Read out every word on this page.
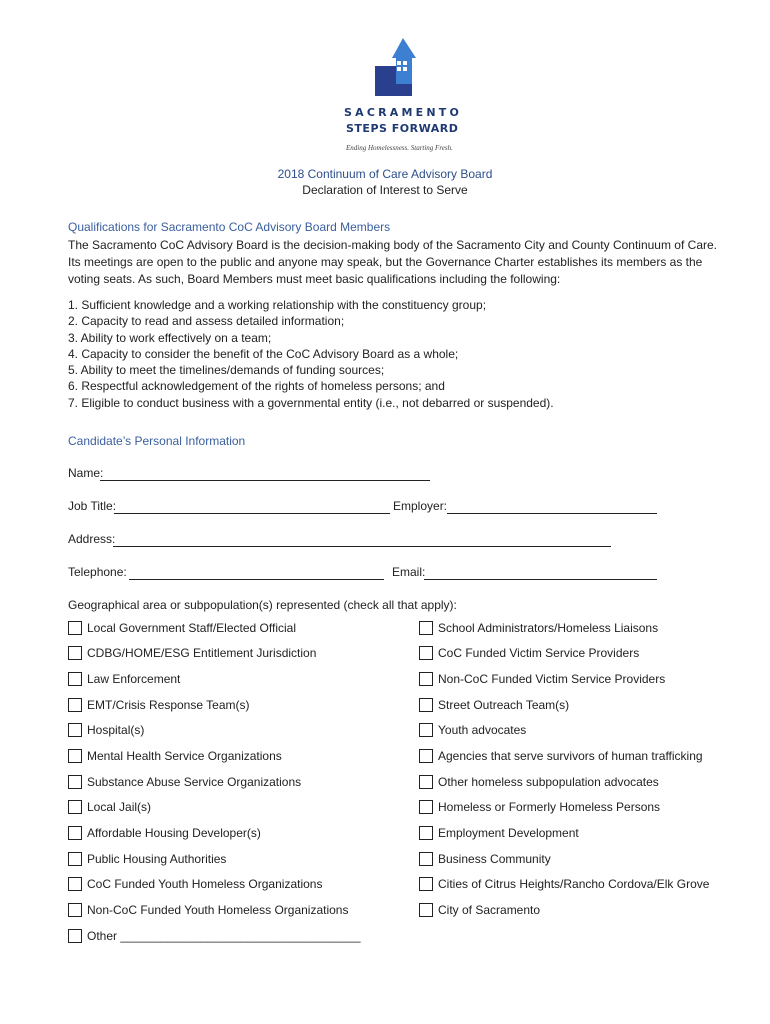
SACRAMENTO
STEPS FORWARD
Ending Homelessness. Starting Fresh.
2018 Continuum of Care Advisory Board
Declaration of Interest to Serve
Qualifications for Sacramento CoC Advisory Board Members

The Sacramento CoC Advisory Board is the decision-making body of the Sacramento City and County Continuum of Care. Its meetings are open to the public and anyone may speak, but the Governance Charter establishes its members as the voting seats. As such, Board Members must meet basic qualifications including the following:

1. Sufficient knowledge and a working relationship with the constituency group;
2. Capacity to read and assess detailed information;
3. Ability to work effectively on a team;
4. Capacity to consider the benefit of the CoC Advisory Board as a whole;
5. Ability to meet the timelines/demands of funding sources;
6. Respectful acknowledgement of the rights of homeless persons; and
7. Eligible to conduct business with a governmental entity (i.e., not debarred or suspended).
Candidate’s Personal Information
Name:
Job Title:	Employer:
Address:
Telephone:	Email:
Geographical area or subpopulation(s) represented (check all that apply):
Local Government Staff/Elected Official
CDBG/HOME/ESG Entitlement Jurisdiction
Law Enforcement
EMT/Crisis Response Team(s)
Hospital(s)
Mental Health Service Organizations
Substance Abuse Service Organizations
Local Jail(s)
Affordable Housing Developer(s)
Public Housing Authorities
CoC Funded Youth Homeless Organizations
Non-CoC Funded Youth Homeless Organizations
Other ____________________________________
School Administrators/Homeless Liaisons
CoC Funded Victim Service Providers
Non-CoC Funded Victim Service Providers
Street Outreach Team(s)
Youth advocates
Agencies that serve survivors of human trafficking
Other homeless subpopulation advocates
Homeless or Formerly Homeless Persons
Employment Development
Business Community
Cities of Citrus Heights/Rancho Cordova/Elk Grove
City of Sacramento
